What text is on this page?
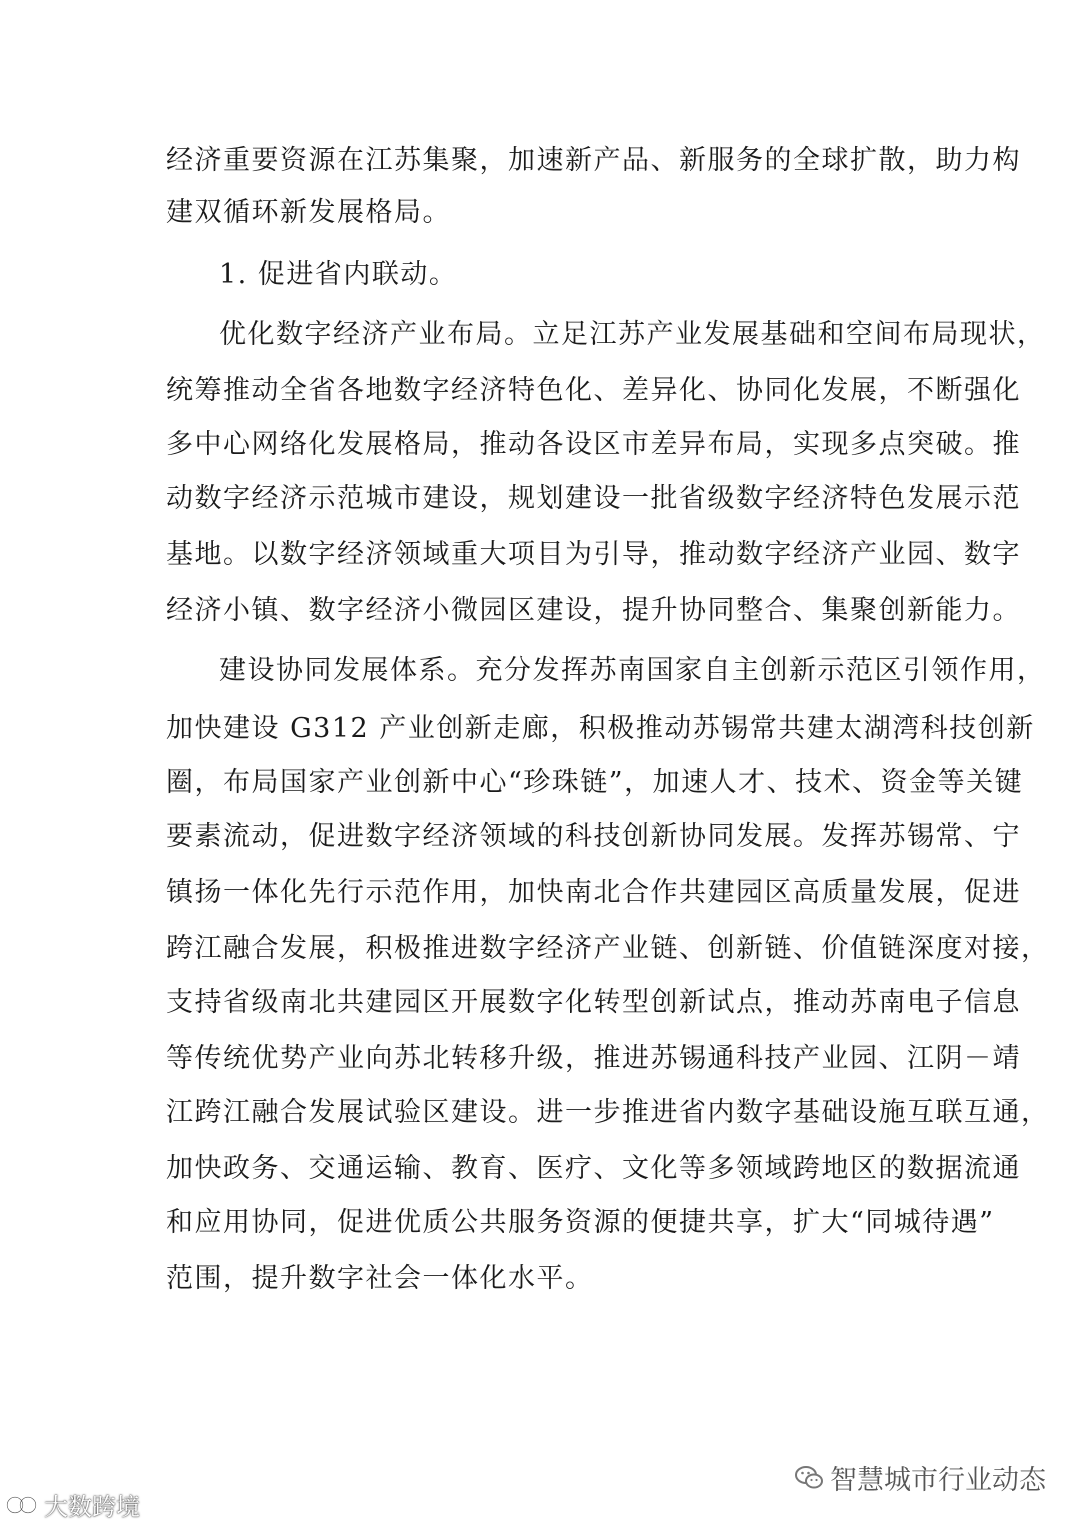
经济重要资源在江苏集聚，加速新产品、新服务的全球扩散，助力构
建双循环新发展格局。
1. 促进省内联动。
优化数字经济产业布局。立足江苏产业发展基础和空间布局现状，
统筹推动全省各地数字经济特色化、差异化、协同化发展，不断强化
多中心网络化发展格局，推动各设区市差异布局，实现多点突破。推
动数字经济示范城市建设，规划建设一批省级数字经济特色发展示范
基地。以数字经济领域重大项目为引导，推动数字经济产业园、数字
经济小镇、数字经济小微园区建设，提升协同整合、集聚创新能力。
建设协同发展体系。充分发挥苏南国家自主创新示范区引领作用，
加快建设 G312 产业创新走廊，积极推动苏锡常共建太湖湾科技创新
圈，布局国家产业创新中心“珍珠链”，加速人才、技术、资金等关键
要素流动，促进数字经济领域的科技创新协同发展。发挥苏锡常、宁
镇扬一体化先行示范作用，加快南北合作共建园区高质量发展，促进
跨江融合发展，积极推进数字经济产业链、创新链、价值链深度对接，
支持省级南北共建园区开展数字化转型创新试点，推动苏南电子信息
等传统优势产业向苏北转移升级，推进苏锡通科技产业园、江阴－靖
江跨江融合发展试验区建设。进一步推进省内数字基础设施互联互通，
加快政务、交通运输、教育、医疗、文化等多领域跨地区的数据流通
和应用协同，促进优质公共服务资源的便捷共享，扩大“同城待遇”
范围，提升数字社会一体化水平。
大数跨境
智慧城市行业动态
